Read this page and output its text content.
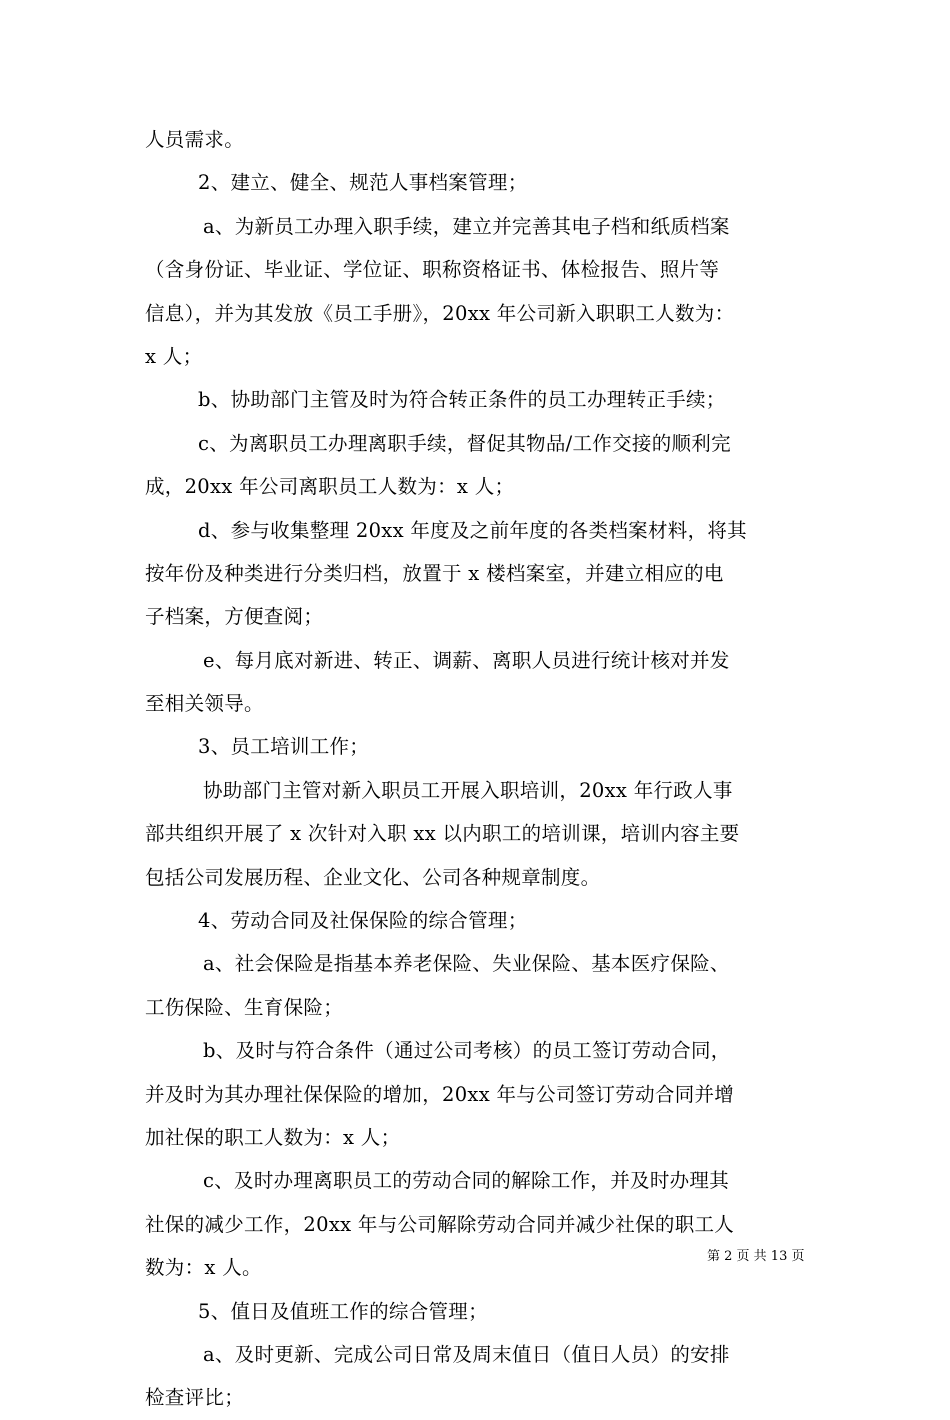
人员需求。
2、建立、健全、规范人事档案管理；
a、为新员工办理入职手续，建立并完善其电子档和纸质档案
（含身份证、毕业证、学位证、职称资格证书、体检报告、照片等
信息），并为其发放《员工手册》，20xx 年公司新入职职工人数为：
x 人；
b、协助部门主管及时为符合转正条件的员工办理转正手续；
c、为离职员工办理离职手续，督促其物品/工作交接的顺利完
成，20xx 年公司离职员工人数为：x 人；
d、参与收集整理 20xx 年度及之前年度的各类档案材料，将其
按年份及种类进行分类归档，放置于 x 楼档案室，并建立相应的电
子档案，方便查阅；
e、每月底对新进、转正、调薪、离职人员进行统计核对并发
至相关领导。
3、员工培训工作；
协助部门主管对新入职员工开展入职培训，20xx 年行政人事
部共组织开展了 x 次针对入职 xx 以内职工的培训课，培训内容主要
包括公司发展历程、企业文化、公司各种规章制度。
4、劳动合同及社保保险的综合管理；
a、社会保险是指基本养老保险、失业保险、基本医疗保险、
工伤保险、生育保险；
b、及时与符合条件（通过公司考核）的员工签订劳动合同，
并及时为其办理社保保险的增加，20xx 年与公司签订劳动合同并增
加社保的职工人数为：x 人；
c、及时办理离职员工的劳动合同的解除工作，并及时办理其
社保的减少工作，20xx 年与公司解除劳动合同并减少社保的职工人
数为：x 人。
5、值日及值班工作的综合管理；
a、及时更新、完成公司日常及周末值日（值日人员）的安排
检查评比；
第 2 页 共 13 页
